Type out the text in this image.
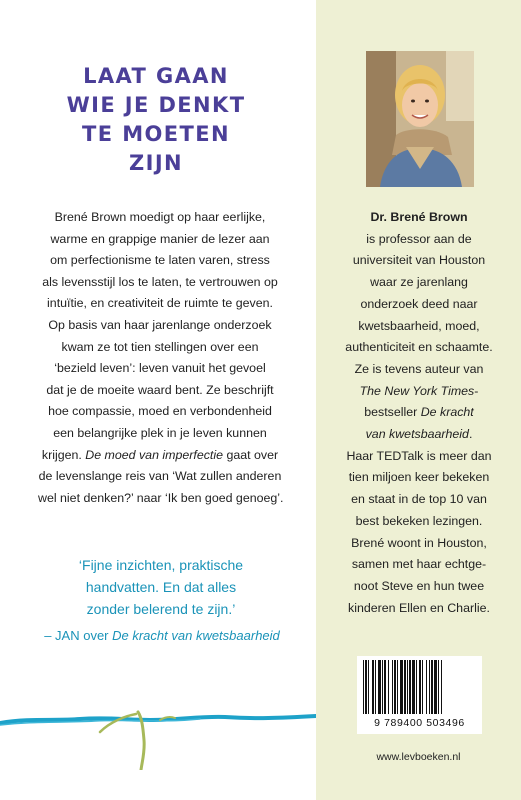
LAAT GAAN
WIE JE DENKT
TE MOETEN
ZIJN
Brené Brown moedigt op haar eerlijke,
warme en grappige manier de lezer aan
om perfectionisme te laten varen, stress
als levensstijl los te laten, te vertrouwen op
intuïtie, en creativiteit de ruimte te geven.
Op basis van haar jarenlange onderzoek
kwam ze tot tien stellingen over een
‘bezield leven’: leven vanuit het gevoel
dat je de moeite waard bent. Ze beschrijft
hoe compassie, moed en verbondenheid
een belangrijke plek in je leven kunnen
krijgen. De moed van imperfectie gaat over
de levenslange reis van ‘Wat zullen anderen
wel niet denken?’ naar ‘Ik ben goed genoeg’.
‘Fijne inzichten, praktische
handvatten. En dat alles
zonder belerend te zijn.’
– JAN over De kracht van kwetsbaarheid
Dr. Brené Brown
is professor aan de
universiteit van Houston
waar ze jarenlang
onderzoek deed naar
kwetsbaarheid, moed,
authenticiteit en schaamte.
Ze is tevens auteur van
The New York Times-
bestseller De kracht
van kwetsbaarheid.
Haar TEDTalk is meer dan
tien miljoen keer bekeken
en staat in de top 10 van
best bekeken lezingen.
Brené woont in Houston,
samen met haar echtge-
noot Steve en hun twee
kinderen Ellen en Charlie.
9 789400 503496
www.levboeken.nl
